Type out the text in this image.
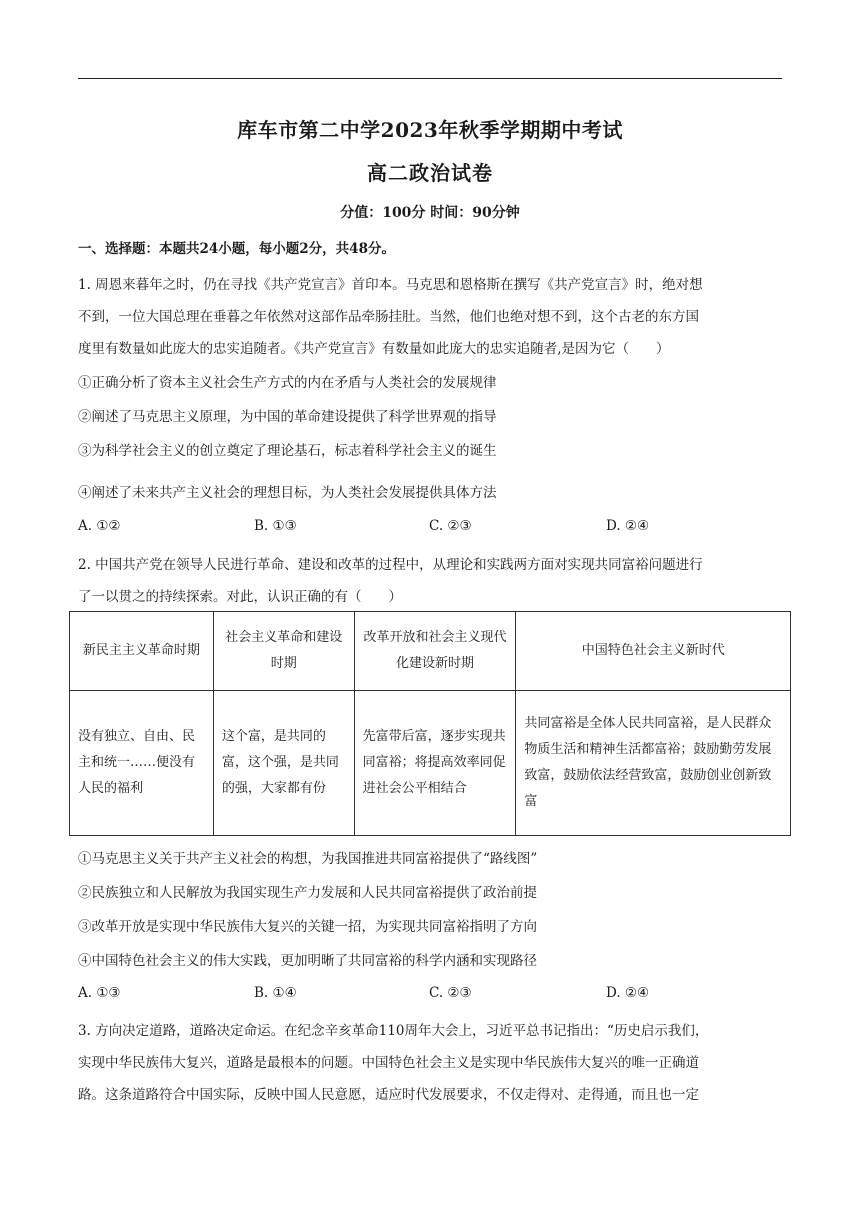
库车市第二中学2023年秋季学期期中考试
高二政治试卷
分值：100分 时间：90分钟
一、选择题：本题共24小题，每小题2分，共48分。
1. 周恩来暮年之时，仍在寻找《共产党宣言》首印本。马克思和恩格斯在撰写《共产党宣言》时，绝对想
不到，一位大国总理在垂暮之年依然对这部作品牵肠挂肚。当然，他们也绝对想不到，这个古老的东方国
度里有数量如此庞大的忠实追随者。《共产党宣言》有数量如此庞大的忠实追随者,是因为它（　　）
①正确分析了资本主义社会生产方式的内在矛盾与人类社会的发展规律
②阐述了马克思主义原理，为中国的革命建设提供了科学世界观的指导
③为科学社会主义的创立奠定了理论基石，标志着科学社会主义的诞生
④阐述了未来共产主义社会的理想目标，为人类社会发展提供具体方法
A. ①②	B. ①③	C. ②③	D. ②④
2. 中国共产党在领导人民进行革命、建设和改革的过程中，从理论和实践两方面对实现共同富裕问题进行
了一以贯之的持续探索。对此，认识正确的有（　　）
新民主主义革命时期	社会主义革命和建设时期	改革开放和社会主义现代化建设新时期	中国特色社会主义新时代
没有独立、自由、民主和统一……便没有人民的福利	这个富，是共同的富，这个强，是共同的强，大家都有份	先富带后富，逐步实现共同富裕；将提高效率同促进社会公平相结合	共同富裕是全体人民共同富裕，是人民群众物质生活和精神生活都富裕；鼓励勤劳发展致富，鼓励依法经营致富，鼓励创业创新致富
①马克思主义关于共产主义社会的构想，为我国推进共同富裕提供了“路线图”
②民族独立和人民解放为我国实现生产力发展和人民共同富裕提供了政治前提
③改革开放是实现中华民族伟大复兴的关键一招，为实现共同富裕指明了方向
④中国特色社会主义的伟大实践，更加明晰了共同富裕的科学内涵和实现路径
A. ①③	B. ①④	C. ②③	D. ②④
3. 方向决定道路，道路决定命运。在纪念辛亥革命110周年大会上，习近平总书记指出：“历史启示我们，
实现中华民族伟大复兴，道路是最根本的问题。中国特色社会主义是实现中华民族伟大复兴的唯一正确道
路。这条道路符合中国实际，反映中国人民意愿，适应时代发展要求，不仅走得对、走得通，而且也一定
